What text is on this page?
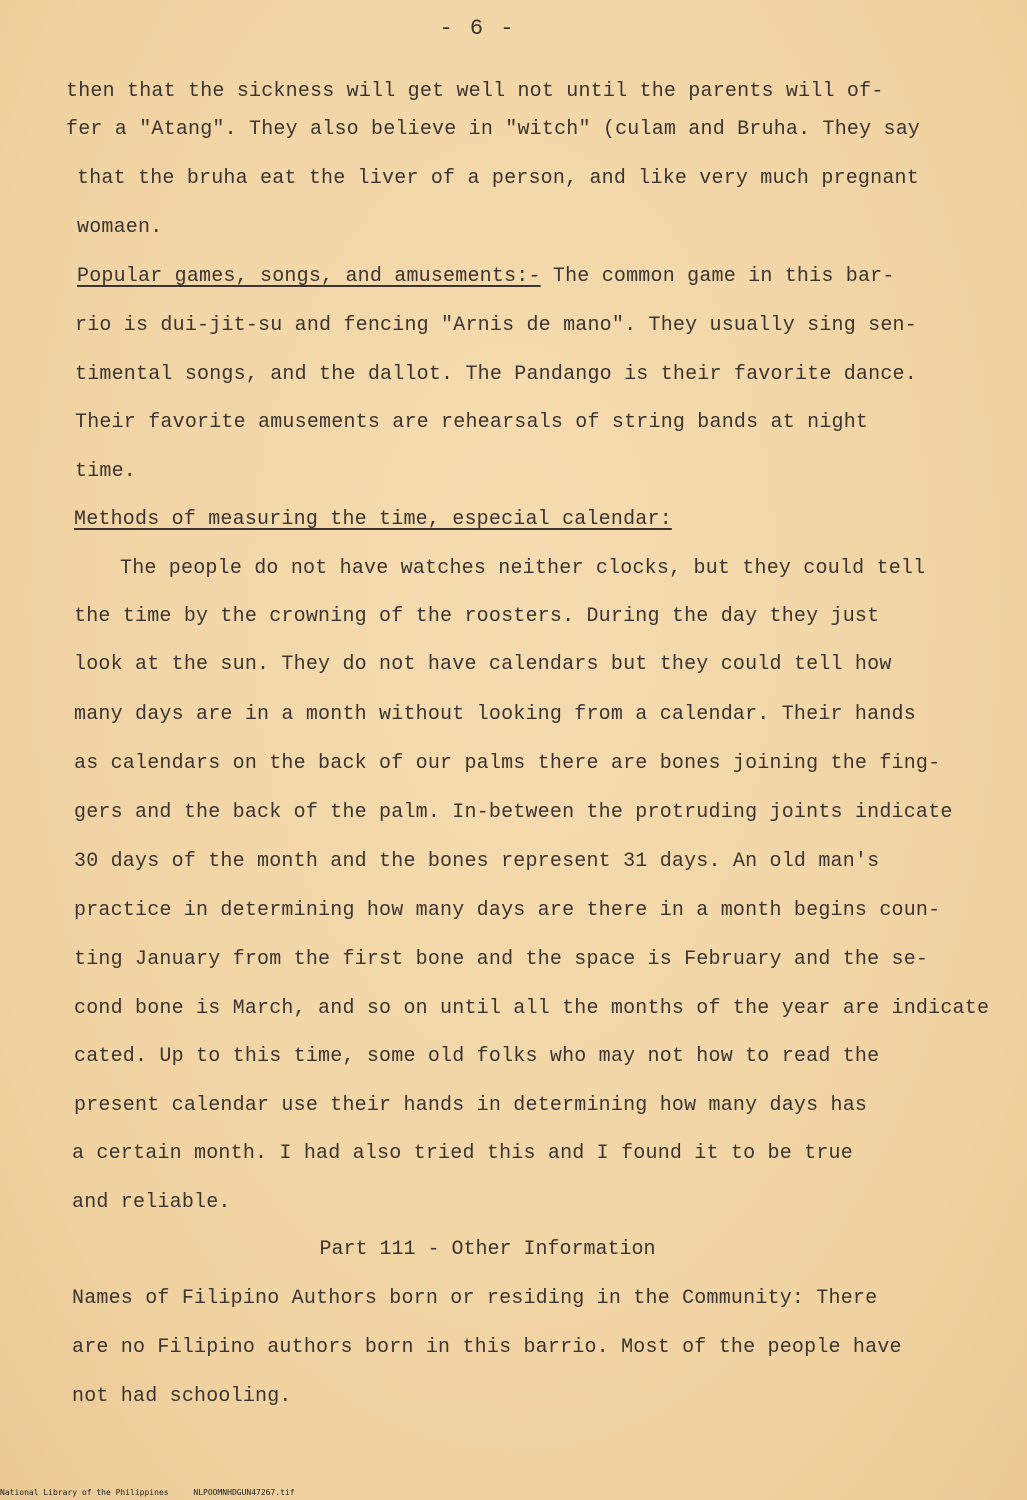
- 6 -
then that the sickness will get well not until the parents will of-
fer a "Atang". They also believe in "witch" (culam and Bruha. They say
that the bruha eat the liver of a person, and like very much pregnant
womaen.
Popular games, songs, and amusements:- The common game in this bar-
rio is dui-jit-su and fencing "Arnis de mano". They usually sing sen-
timental songs, and the dallot. The Pandango is their favorite dance.
Their favorite amusements are rehearsals of string bands at night
time.
Methods of measuring the time, especial calendar:
The people do not have watches neither clocks, but they could tell
the time by the crowning of the roosters. During the day they just
look at the sun. They do not have calendars but they could tell how
many days are in a month without looking from a calendar. Their hands
as calendars on the back of our palms there are bones joining the fing-
gers and the back of the palm. In-between the protruding joints indicate
30 days of the month and the bones represent 31 days. An old man's
practice in determining how many days are there in a month begins coun-
ting January from the first bone and the space is February and the se-
cond bone is March, and so on until all the months of the year are indicate
cated. Up to this time, some old folks who may not how to read the
present calendar use their hands in determining how many days has
a certain month. I had also tried this and I found it to be true
and reliable.
Part 111 - Other Information
Names of Filipino Authors born or residing in the Community: There
are no Filipino authors born in this barrio. Most of the people have
not had schooling.
National Library of the Philippines	NLPOOMNHDGUN47267.tif
